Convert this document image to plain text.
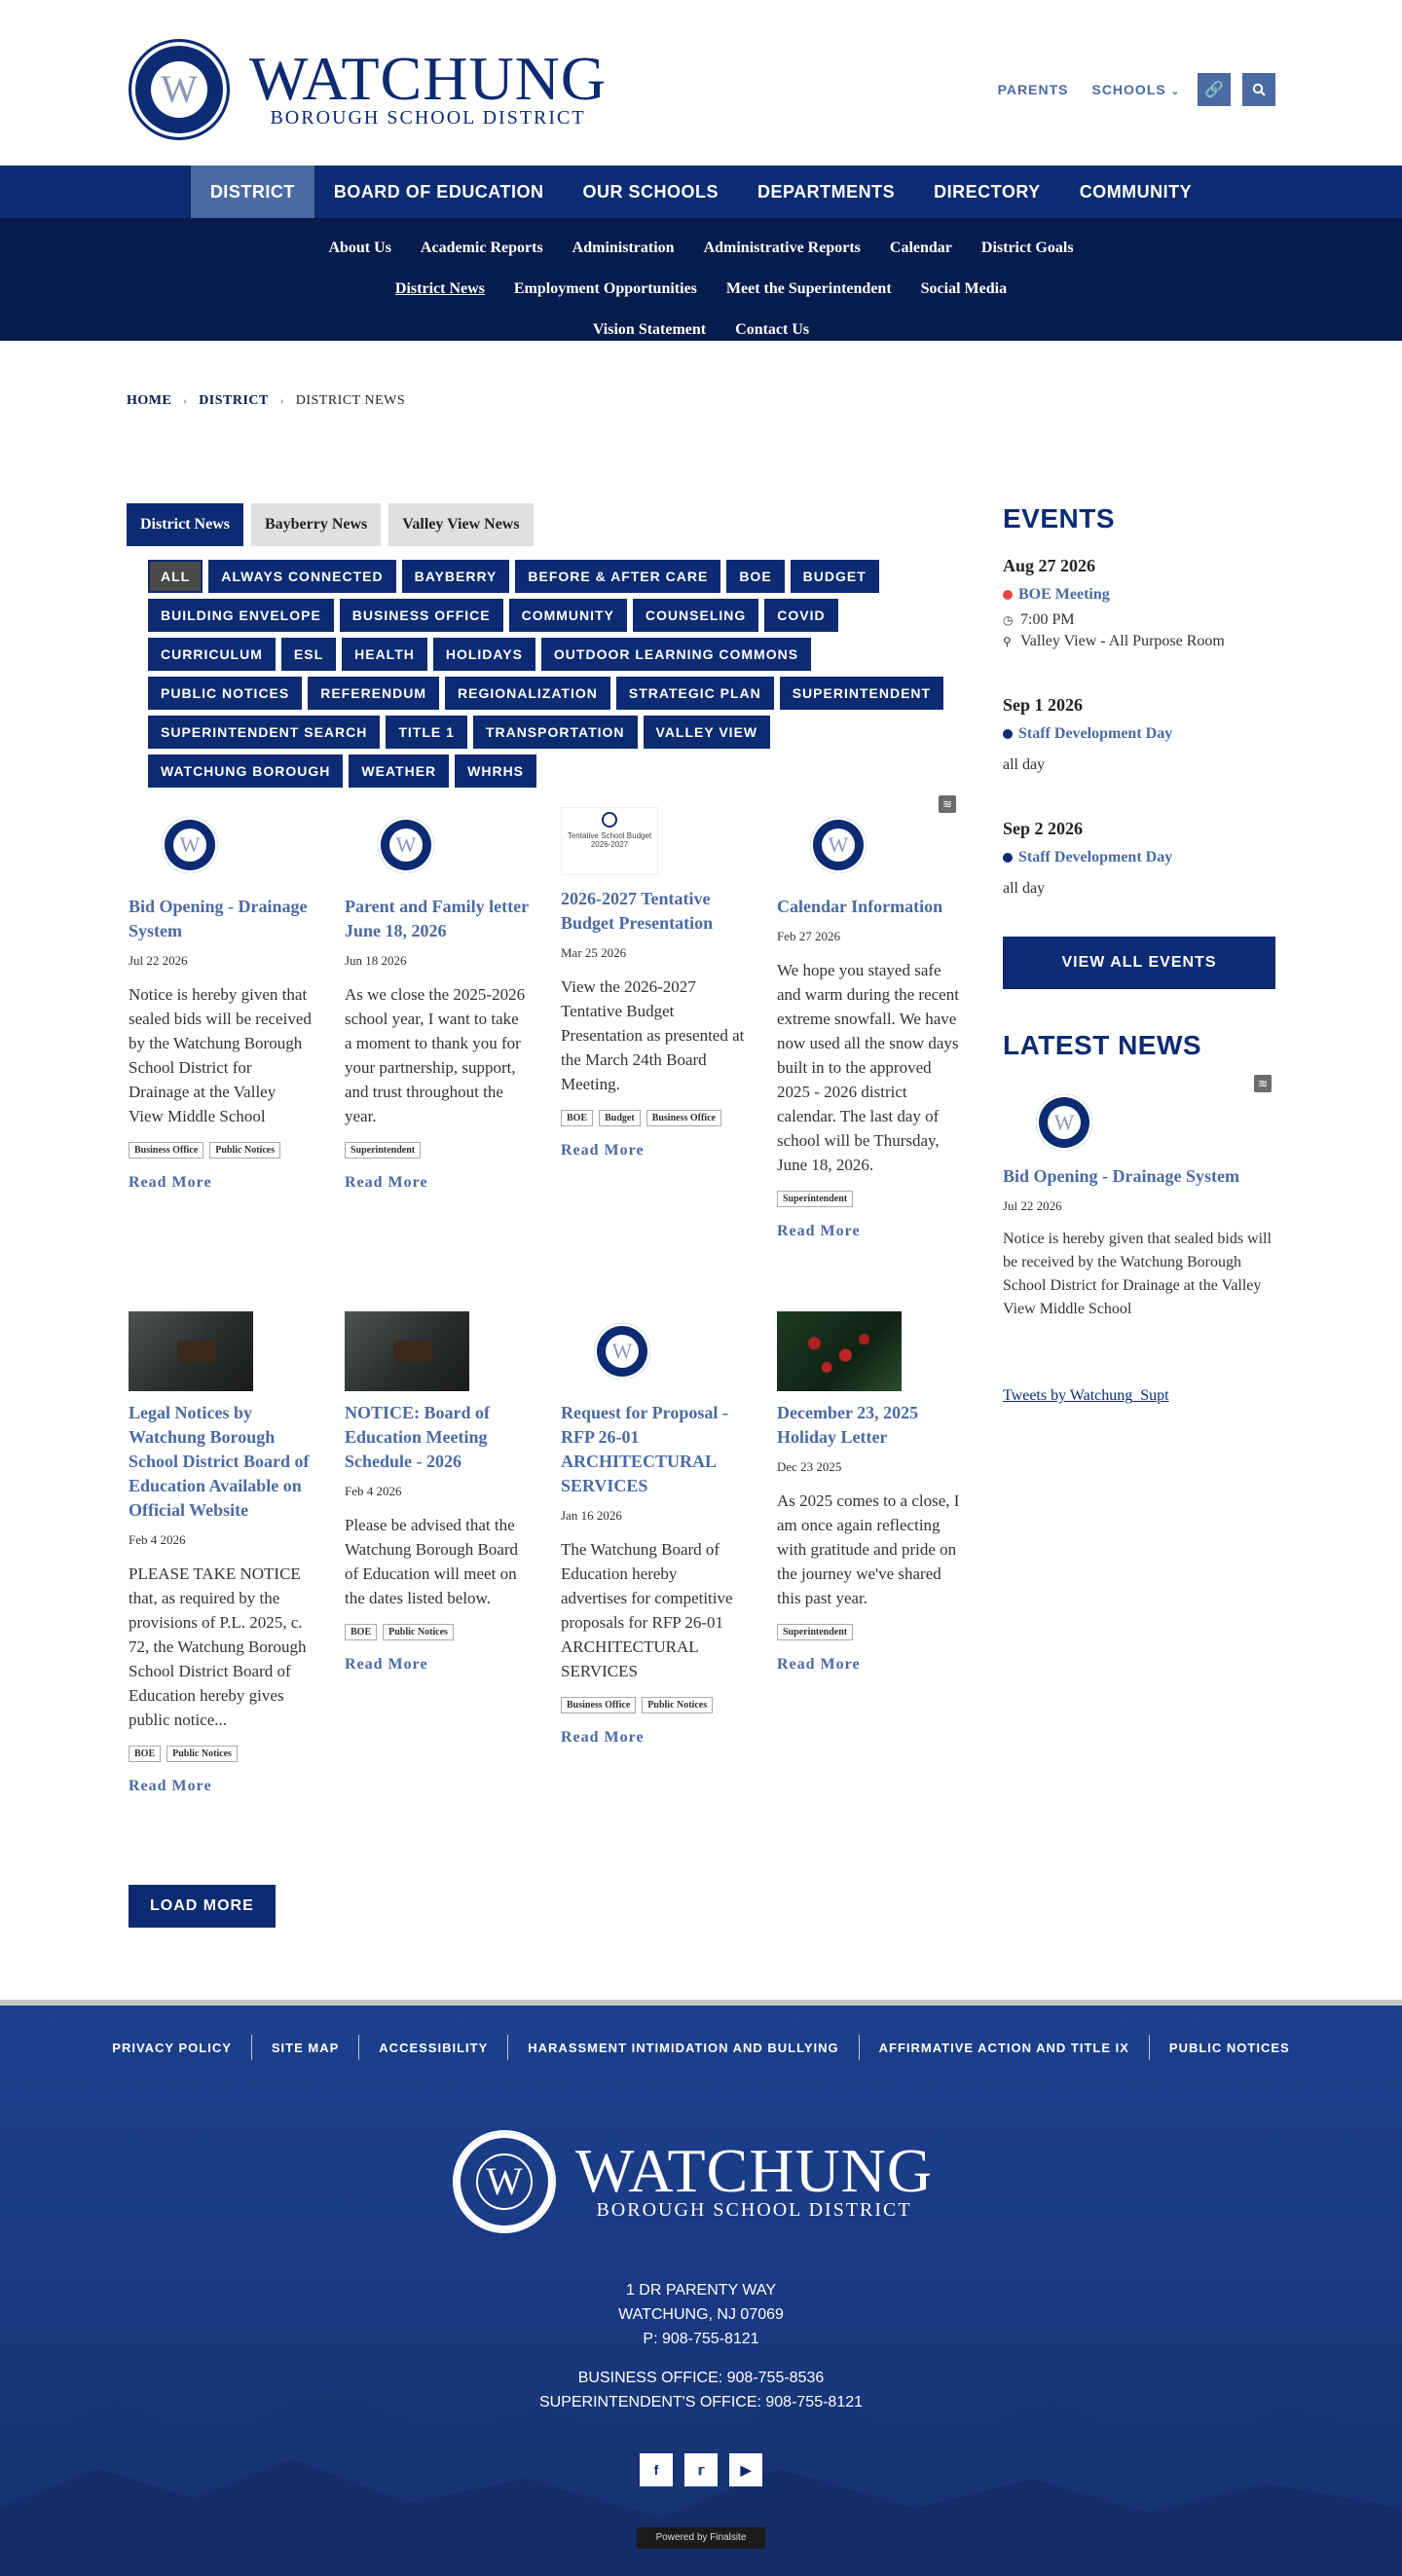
W WATCHUNG
BOROUGH SCHOOL DISTRICT
PARENTS SCHOOLS ⌄	🔗
DISTRICT	BOARD OF EDUCATION	OUR SCHOOLS	DEPARTMENTS	DIRECTORY	COMMUNITY
About Us Academic Reports Administration Administrative Reports Calendar District Goals
District News Employment Opportunities Meet the Superintendent Social Media
Vision Statement Contact Us
HOME › DISTRICT › DISTRICT NEWS
District News	Bayberry News	Valley View News
ALL	ALWAYS CONNECTED	BAYBERRY	BEFORE & AFTER CARE	BOE	BUDGET
BUILDING ENVELOPE	BUSINESS OFFICE	COMMUNITY	COUNSELING	COVID
CURRICULUM	ESL	HEALTH	HOLIDAYS	OUTDOOR LEARNING COMMONS
PUBLIC NOTICES	REFERENDUM	REGIONALIZATION	STRATEGIC PLAN	SUPERINTENDENT
SUPERINTENDENT SEARCH	TITLE 1	TRANSPORTATION	VALLEY VIEW
WATCHUNG BOROUGH	WEATHER	WHRHS
≋
W
Bid Opening - Drainage System
Jul 22 2026
Notice is hereby given that sealed bids will be received by the Watchung Borough School District for Drainage at the Valley View Middle School
Business Office	Public Notices
Read More
W
Parent and Family letter June 18, 2026
Jun 18 2026
As we close the 2025-2026 school year, I want to take a moment to thank you for your partnership, support, and trust throughout the year.
Superintendent
Read More
Tentative School Budget 2026-2027
2026-2027 Tentative Budget Presentation
Mar 25 2026
View the 2026-2027 Tentative Budget Presentation as presented at the March 24th Board Meeting.
BOE	Budget	Business Office
Read More
W
Calendar Information
Feb 27 2026
We hope you stayed safe and warm during the recent extreme snowfall. We have now used all the snow days built in to the approved 2025 - 2026 district calendar. The last day of school will be Thursday, June 18, 2026.
Superintendent
Read More
Legal Notices by Watchung Borough School District Board of Education Available on Official Website
Feb 4 2026
PLEASE TAKE NOTICE that, as required by the provisions of P.L. 2025, c. 72, the Watchung Borough School District Board of Education hereby gives public notice...
BOE	Public Notices
Read More
NOTICE: Board of Education Meeting Schedule - 2026
Feb 4 2026
Please be advised that the Watchung Borough Board of Education will meet on the dates listed below.
BOE	Public Notices
Read More
W
Request for Proposal - RFP 26-01 ARCHITECTURAL SERVICES
Jan 16 2026
The Watchung Board of Education hereby advertises for competitive proposals for RFP 26-01 ARCHITECTURAL SERVICES
Business Office	Public Notices
Read More
December 23, 2025 Holiday Letter
Dec 23 2025
As 2025 comes to a close, I am once again reflecting with gratitude and pride on the journey we've shared this past year.
Superintendent
Read More
LOAD MORE
EVENTS
Aug 27 2026
BOE Meeting
◷ 7:00 PM
⚲ Valley View - All Purpose Room
Sep 1 2026
Staff Development Day
all day
Sep 2 2026
Staff Development Day
all day
VIEW ALL EVENTS
LATEST NEWS
≋
W
Bid Opening - Drainage System
Jul 22 2026
Notice is hereby given that sealed bids will be received by the Watchung Borough School District for Drainage at the Valley View Middle School
Tweets by Watchung_Supt
PRIVACY POLICY	SITE MAP	ACCESSIBILITY	HARASSMENT INTIMIDATION AND BULLYING	AFFIRMATIVE ACTION AND TITLE IX	PUBLIC NOTICES
W WATCHUNG
BOROUGH SCHOOL DISTRICT
1 DR PARENTY WAY
WATCHUNG, NJ 07069
P: 908-755-8121
BUSINESS OFFICE: 908-755-8536
SUPERINTENDENT'S OFFICE: 908-755-8121
f	𝕣	▶
Powered by Finalsite
